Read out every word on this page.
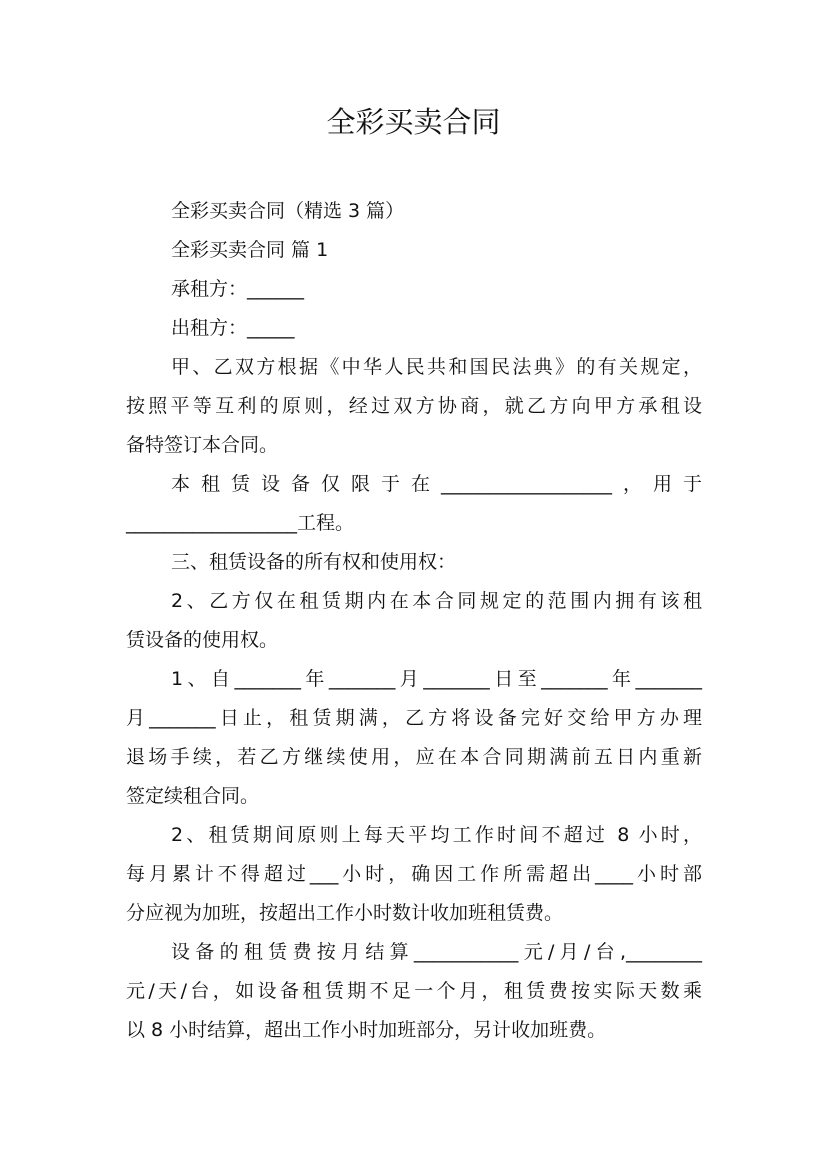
全彩买卖合同
全彩买卖合同（精选 3 篇）
全彩买卖合同 篇 1
承租方：______
出租方：_____
甲、乙双方根据《中华人民共和国民法典》的有关规定，
按照平等互利的原则，经过双方协商，就乙方向甲方承租设
备特签订本合同。
本租赁设备仅限于在__________________，用于
__________________工程。
三、租赁设备的所有权和使用权：
2、乙方仅在租赁期内在本合同规定的范围内拥有该租
赁设备的使用权。
1、自_______年_______月_______日至_______年_______
月_______日止，租赁期满，乙方将设备完好交给甲方办理
退场手续，若乙方继续使用，应在本合同期满前五日内重新
签定续租合同。
2、租赁期间原则上每天平均工作时间不超过 8 小时，
每月累计不得超过___小时，确因工作所需超出____小时部
分应视为加班，按超出工作小时数计收加班租赁费。
设备的租赁费按月结算___________元/月/台,________
元/天/台，如设备租赁期不足一个月，租赁费按实际天数乘
以 8 小时结算，超出工作小时加班部分，另计收加班费。
